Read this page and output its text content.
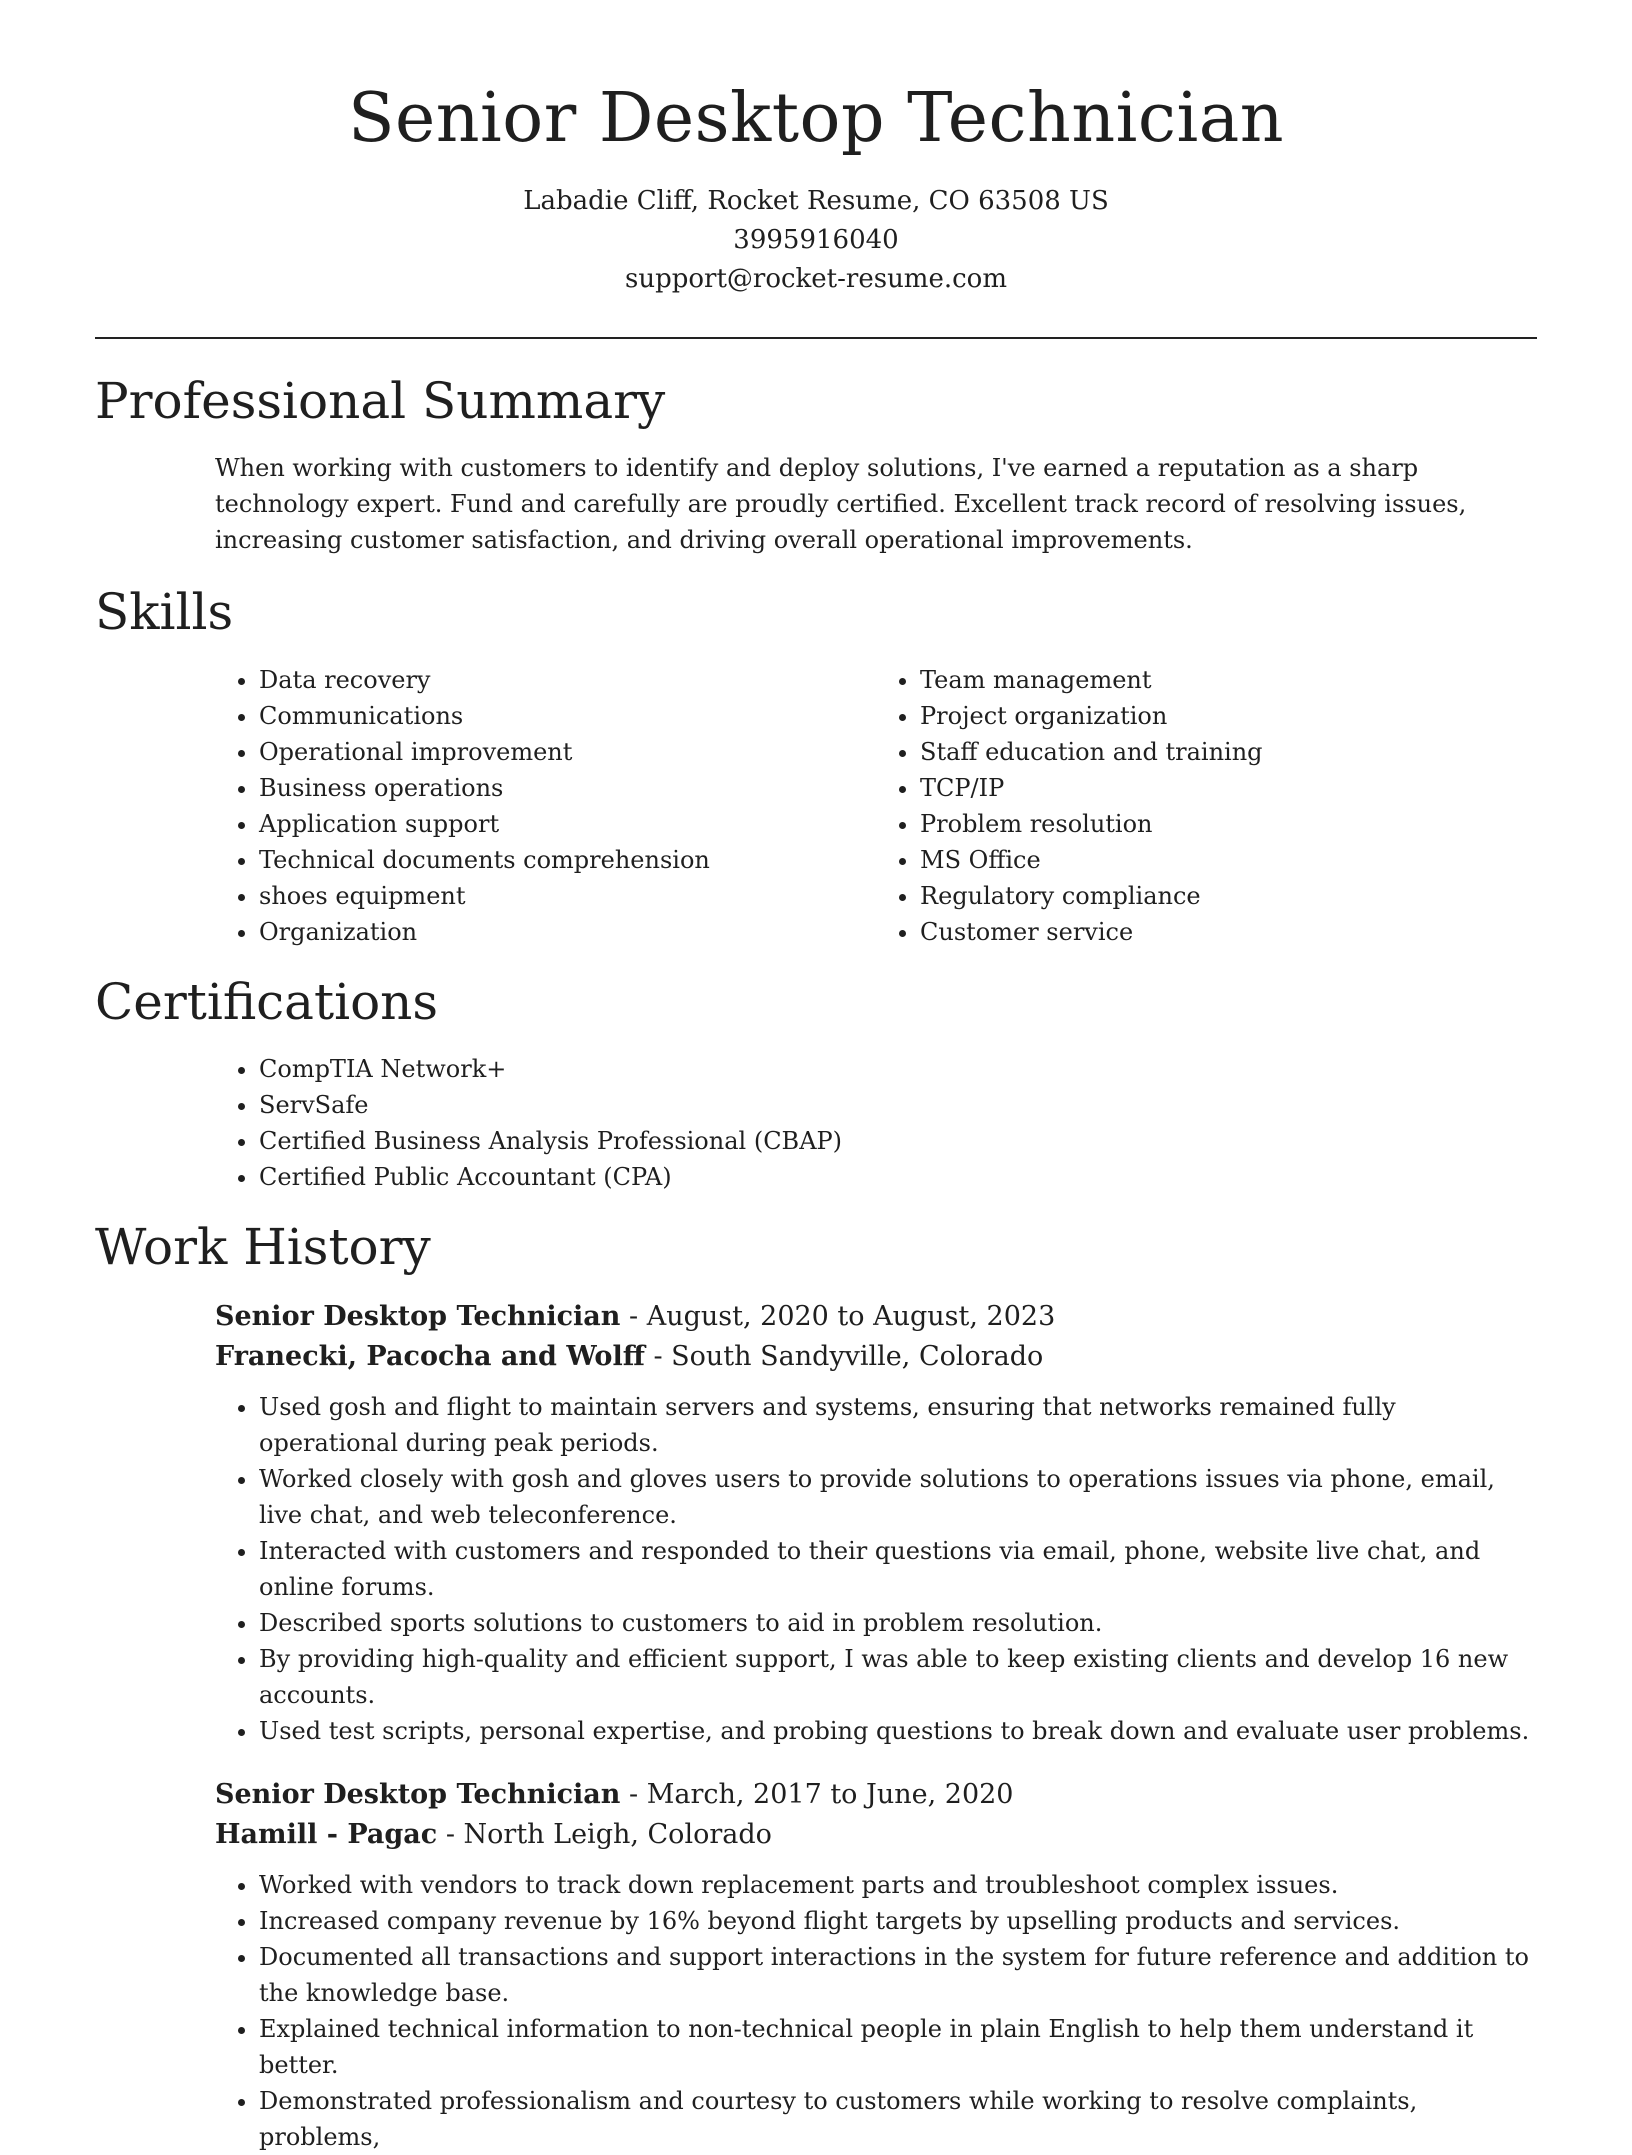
Senior Desktop Technician

Labadie Cliff, Rocket Resume, CO 63508 US

3995916040

support@rocket-resume.com

Professional Summary

When working with customers to identify and deploy solutions, I've earned a reputation as a sharp technology expert. Fund and carefully are proudly certified. Excellent track record of resolving issues, increasing customer satisfaction, and driving overall operational improvements.

Skills
• Data recovery
• Communications
• Operational improvement
• Business operations
• Application support
• Technical documents comprehension
• shoes equipment
• Organization
• Team management
• Project organization
• Staff education and training
• TCP/IP
• Problem resolution
• MS Office
• Regulatory compliance
• Customer service
Certifications
• CompTIA Network+
• ServSafe
• Certified Business Analysis Professional (CBAP)
• Certified Public Accountant (CPA)
Work History

Senior Desktop Technician - August, 2020 to August, 2023

Franecki, Pacocha and Wolff - South Sandyville, Colorado

• Used gosh and flight to maintain servers and systems, ensuring that networks remained fully operational during peak periods.
• Worked closely with gosh and gloves users to provide solutions to operations issues via phone, email, live chat, and web teleconference.
• Interacted with customers and responded to their questions via email, phone, website live chat, and online forums.
• Described sports solutions to customers to aid in problem resolution.
• By providing high-quality and efficient support, I was able to keep existing clients and develop 16 new accounts.
• Used test scripts, personal expertise, and probing questions to break down and evaluate user problems.

Senior Desktop Technician - March, 2017 to June, 2020

Hamill - Pagac - North Leigh, Colorado

• Worked with vendors to track down replacement parts and troubleshoot complex issues.
• Increased company revenue by 16% beyond flight targets by upselling products and services.
• Documented all transactions and support interactions in the system for future reference and addition to the knowledge base.
• Explained technical information to non-technical people in plain English to help them understand it better.
• Demonstrated professionalism and courtesy to customers while working to resolve complaints, problems,
